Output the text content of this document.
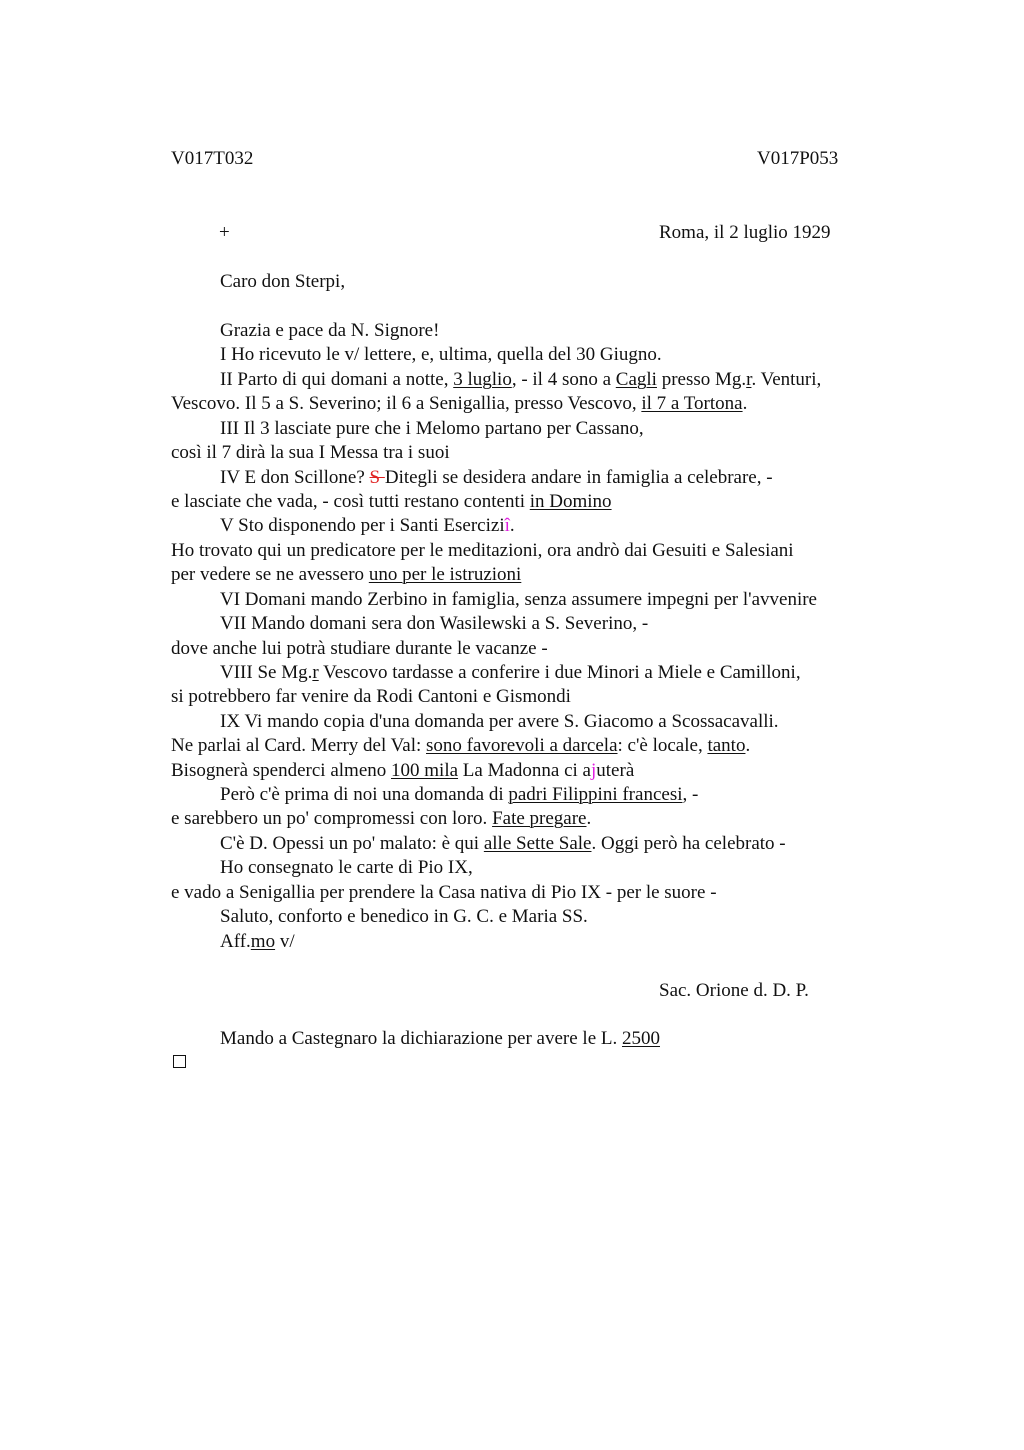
V017T032	V017P053
+	Roma, il 2 luglio 1929
Caro don Sterpi,
Grazia e pace da N. Signore!
I Ho ricevuto le v/ lettere, e, ultima, quella del 30 Giugno.
II Parto di qui domani a notte, 3 luglio, - il 4 sono a Cagli presso Mg.r. Venturi,
Vescovo. Il 5 a S. Severino; il 6 a Senigallia, presso Vescovo, il 7 a Tortona.
III Il 3 lasciate pure che i Melomo partano per Cassano,
così il 7 dirà la sua I Messa tra i suoi
IV E don Scillone? S Ditegli se desidera andare in famiglia a celebrare, -
e lasciate che vada, - così tutti restano contenti in Domino
V Sto disponendo per i Santi Eserciziî.
Ho trovato qui un predicatore per le meditazioni, ora andrò dai Gesuiti e Salesiani
per vedere se ne avessero uno per le istruzioni
VI Domani mando Zerbino in famiglia, senza assumere impegni per l'avvenire
VII Mando domani sera don Wasilewski a S. Severino, -
dove anche lui potrà studiare durante le vacanze -
VIII Se Mg.r Vescovo tardasse a conferire i due Minori a Miele e Camilloni,
si potrebbero far venire da Rodi Cantoni e Gismondi
IX Vi mando copia d'una domanda per avere S. Giacomo a Scossacavalli.
Ne parlai al Card. Merry del Val: sono favorevoli a darcela: c'è locale, tanto.
Bisognerà spenderci almeno 100 mila La Madonna ci ajuterà
Però c'è prima di noi una domanda di padri Filippini francesi, -
e sarebbero un po' compromessi con loro. Fate pregare.
C'è D. Opessi un po' malato: è qui alle Sette Sale. Oggi però ha celebrato -
Ho consegnato le carte di Pio IX,
e vado a Senigallia per prendere la Casa nativa di Pio IX - per le suore -
Saluto, conforto e benedico in G. C. e Maria SS.
Aff.mo v/
Sac. Orione d. D. P.
Mando a Castegnaro la dichiarazione per avere le L. 2500
